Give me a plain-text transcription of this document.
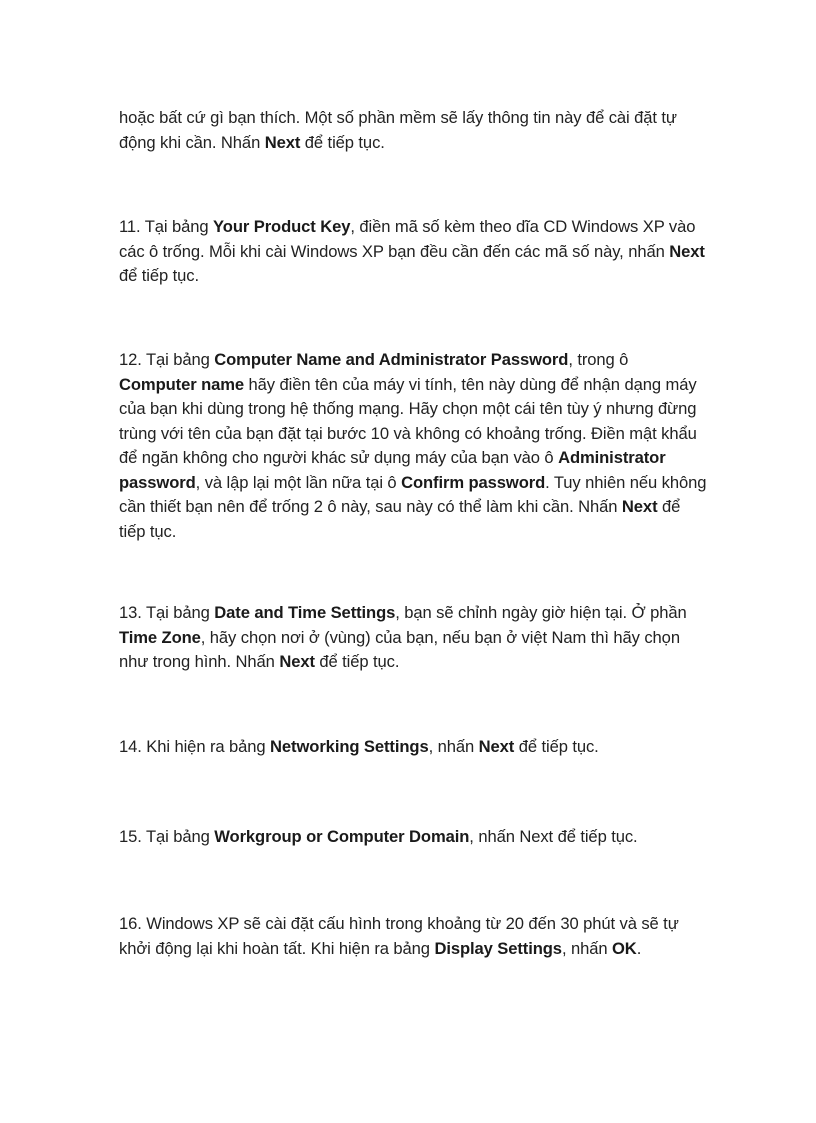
hoặc bất cứ gì bạn thích. Một số phần mềm sẽ lấy thông tin này để cài đặt tự động khi cần. Nhấn Next để tiếp tục.

11. Tại bảng Your Product Key, điền mã số kèm theo dĩa CD Windows XP vào các ô trống. Mỗi khi cài Windows XP bạn đều cần đến các mã số này, nhấn Next để tiếp tục.

12. Tại bảng Computer Name and Administrator Password, trong ô Computer name hãy điền tên của máy vi tính, tên này dùng để nhận dạng máy của bạn khi dùng trong hệ thống mạng. Hãy chọn một cái tên tùy ý nhưng đừng trùng với tên của bạn đặt tại bước 10 và không có khoảng trống. Điền mật khẩu để ngăn không cho người khác sử dụng máy của bạn vào ô Administrator password, và lập lại một lần nữa tại ô Confirm password. Tuy nhiên nếu không cần thiết bạn nên để trống 2 ô này, sau này có thể làm khi cần. Nhấn Next để tiếp tục.

13. Tại bảng Date and Time Settings, bạn sẽ chỉnh ngày giờ hiện tại. Ở phần Time Zone, hãy chọn nơi ở (vùng) của bạn, nếu bạn ở việt Nam thì hãy chọn như trong hình. Nhấn Next để tiếp tục.

14. Khi hiện ra bảng Networking Settings, nhấn Next để tiếp tục.

15. Tại bảng Workgroup or Computer Domain, nhấn Next để tiếp tục.

16. Windows XP sẽ cài đặt cấu hình trong khoảng từ 20 đến 30 phút và sẽ tự khởi động lại khi hoàn tất. Khi hiện ra bảng Display Settings, nhấn OK.
